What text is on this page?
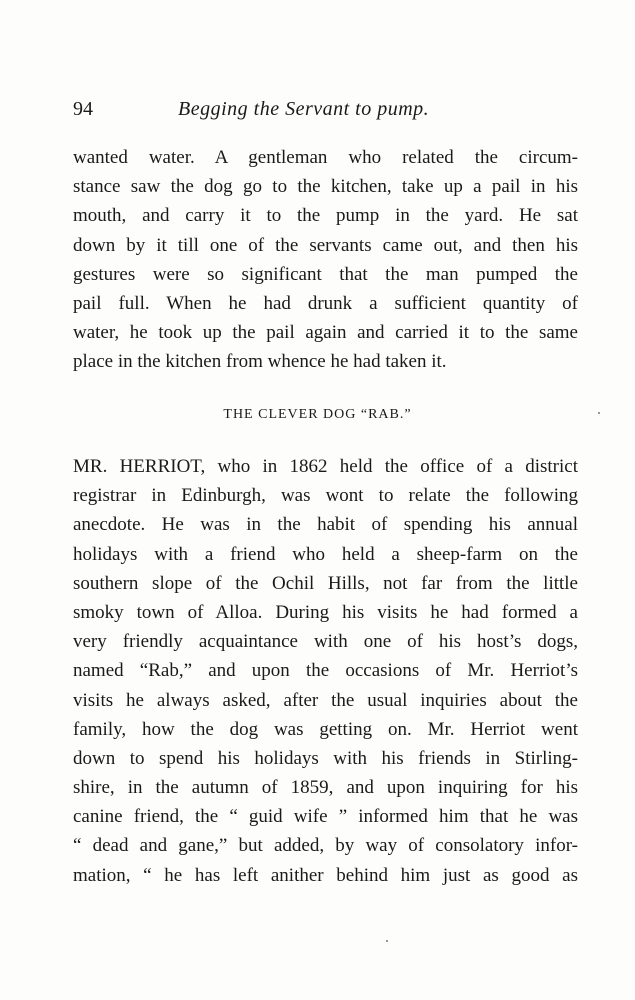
94	Begging the Servant to pump.
wanted water. A gentleman who related the circum-
stance saw the dog go to the kitchen, take up a pail in his
mouth, and carry it to the pump in the yard. He sat
down by it till one of the servants came out, and then his
gestures were so significant that the man pumped the
pail full. When he had drunk a sufficient quantity of
water, he took up the pail again and carried it to the same
place in the kitchen from whence he had taken it.
THE CLEVER DOG “RAB.”
MR. HERRIOT, who in 1862 held the office of a district
registrar in Edinburgh, was wont to relate the following
anecdote. He was in the habit of spending his annual
holidays with a friend who held a sheep-farm on the
southern slope of the Ochil Hills, not far from the little
smoky town of Alloa. During his visits he had formed a
very friendly acquaintance with one of his host’s dogs,
named “Rab,” and upon the occasions of Mr. Herriot’s
visits he always asked, after the usual inquiries about the
family, how the dog was getting on. Mr. Herriot went
down to spend his holidays with his friends in Stirling-
shire, in the autumn of 1859, and upon inquiring for his
canine friend, the “ guid wife ” informed him that he was
“ dead and gane,” but added, by way of consolatory infor-
mation, “ he has left anither behind him just as good as
